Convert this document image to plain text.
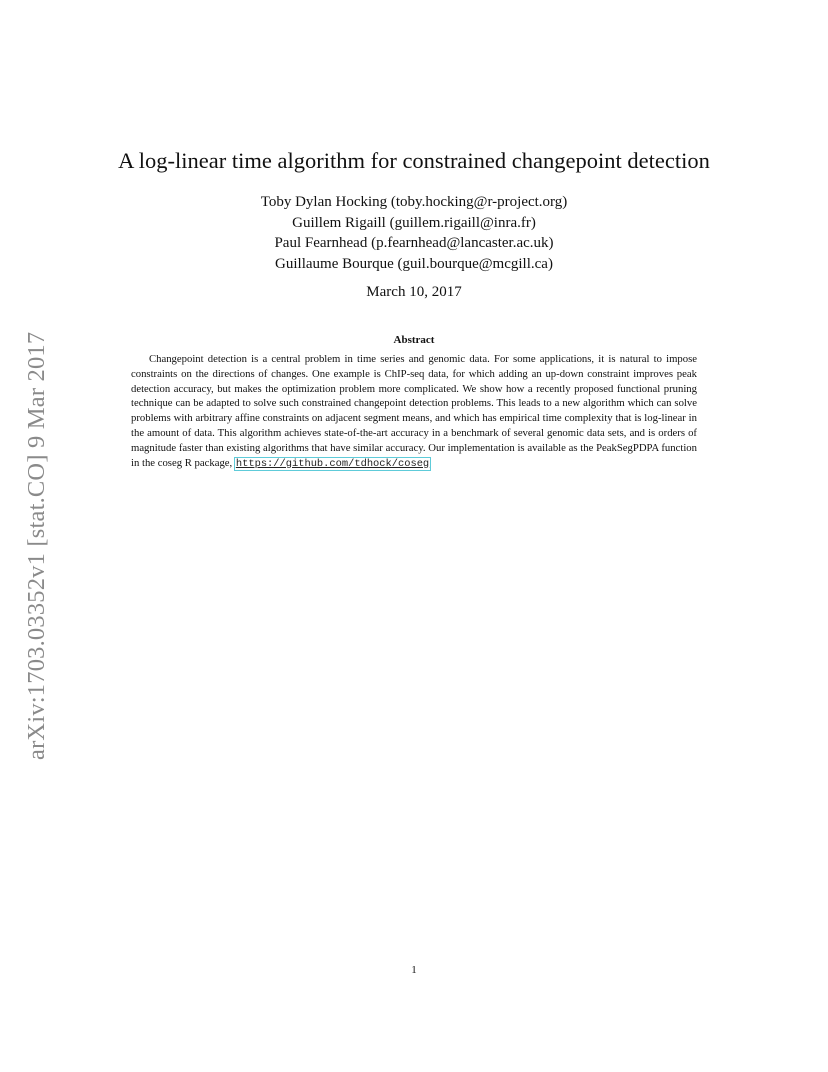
arXiv:1703.03352v1 [stat.CO] 9 Mar 2017
A log-linear time algorithm for constrained changepoint detection
Toby Dylan Hocking (toby.hocking@r-project.org)
Guillem Rigaill (guillem.rigaill@inra.fr)
Paul Fearnhead (p.fearnhead@lancaster.ac.uk)
Guillaume Bourque (guil.bourque@mcgill.ca)
March 10, 2017
Abstract

Changepoint detection is a central problem in time series and genomic data. For some applications, it is natural to impose constraints on the directions of changes. One example is ChIP-seq data, for which adding an up-down constraint improves peak detection accuracy, but makes the optimization problem more complicated. We show how a recently proposed functional pruning technique can be adapted to solve such constrained changepoint detection problems. This leads to a new algorithm which can solve problems with arbitrary affine constraints on adjacent segment means, and which has empirical time complexity that is log-linear in the amount of data. This algorithm achieves state-of-the-art accuracy in a benchmark of several genomic data sets, and is orders of magnitude faster than existing algorithms that have similar accuracy. Our implementation is available as the PeakSegPDPA function in the coseg R package, https://github.com/tdhock/coseg

1
